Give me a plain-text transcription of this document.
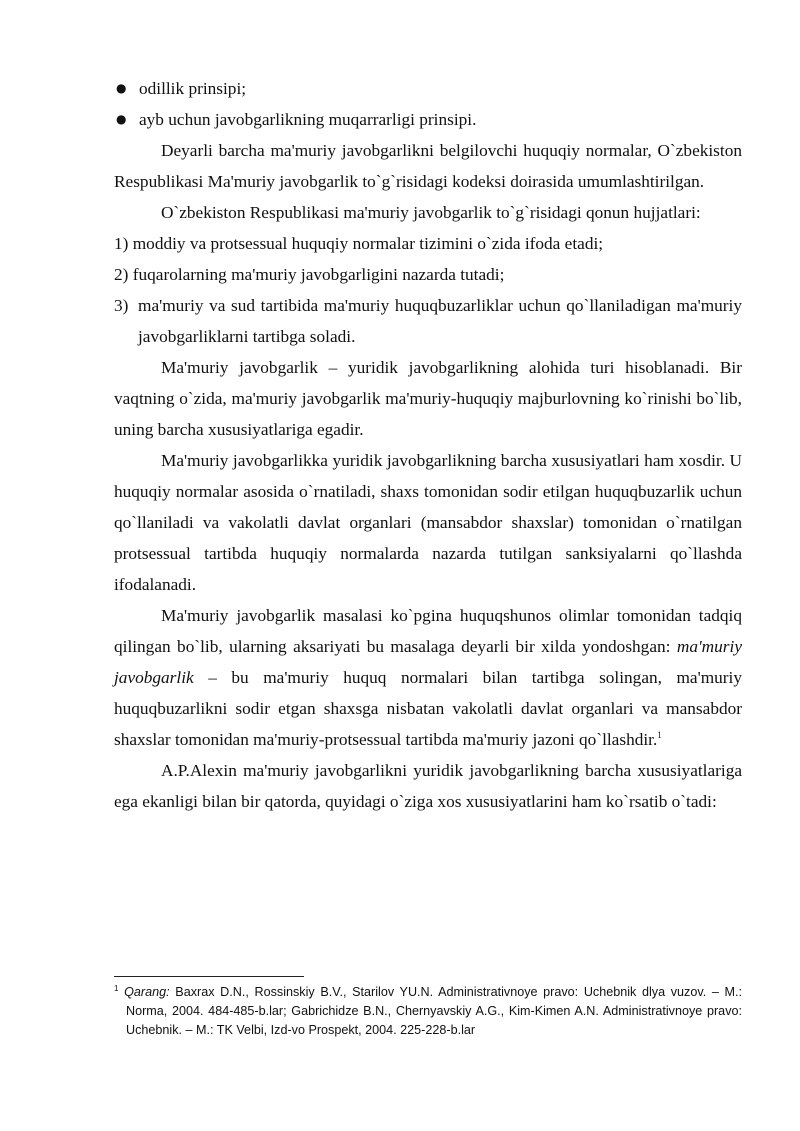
● odillik prinsipi;
● ayb uchun javobgarlikning muqarrarligi prinsipi.

Deyarli barcha ma'muriy javobgarlikni belgilovchi huquqiy normalar, O`zbekiston Respublikasi Ma'muriy javobgarlik to`g`risidagi kodeksi doirasida umumlashtirilgan.

O`zbekiston Respublikasi ma'muriy javobgarlik to`g`risidagi qonun hujjatlari:

1) moddiy va protsessual huquqiy normalar tizimini o`zida ifoda etadi;
2) fuqarolarning ma'muriy javobgarligini nazarda tutadi;
3) ma'muriy va sud tartibida ma'muriy huquqbuzarliklar uchun qo`llaniladigan ma'muriy javobgarliklarni tartibga soladi.

Ma'muriy javobgarlik – yuridik javobgarlikning alohida turi hisoblanadi. Bir vaqtning o`zida, ma'muriy javobgarlik ma'muriy-huquqiy majburlovning ko`rinishi bo`lib, uning barcha xususiyatlariga egadir.

Ma'muriy javobgarlikka yuridik javobgarlikning barcha xususiyatlari ham xosdir. U huquqiy normalar asosida o`rnatiladi, shaxs tomonidan sodir etilgan huquqbuzarlik uchun qo`llaniladi va vakolatli davlat organlari (mansabdor shaxslar) tomonidan o`rnatilgan protsessual tartibda huquqiy normalarda nazarda tutilgan sanksiyalarni qo`llashda ifodalanadi.

Ma'muriy javobgarlik masalasi ko`pgina huquqshunos olimlar tomonidan tadqiq qilingan bo`lib, ularning aksariyati bu masalaga deyarli bir xilda yondoshgan: ma'muriy javobgarlik – bu ma'muriy huquq normalari bilan tartibga solingan, ma'muriy huquqbuzarlikni sodir etgan shaxsga nisbatan vakolatli davlat organlari va mansabdor shaxslar tomonidan ma'muriy-protsessual tartibda ma'muriy jazoni qo`llashdir.$^1$

A.P.Alexin ma'muriy javobgarlikni yuridik javobgarlikning barcha xususiyatlariga ega ekanligi bilan bir qatorda, quyidagi o`ziga xos xususiyatlarini ham ko`rsatib o`tadi:

$^1$ Qarang: Baxrax D.N., Rossinskiy B.V., Starilov YU.N. Administrativnoye pravo: Uchebnik dlya vuzov. – M.: Norma, 2004. 484-485-b.lar; Gabrichidze B.N., Chernyavskiy A.G., Kim-Kimen A.N. Administrativnoye pravo: Uchebnik. – M.: TK Velbi, Izd-vo Prospekt, 2004. 225-228-b.lar
